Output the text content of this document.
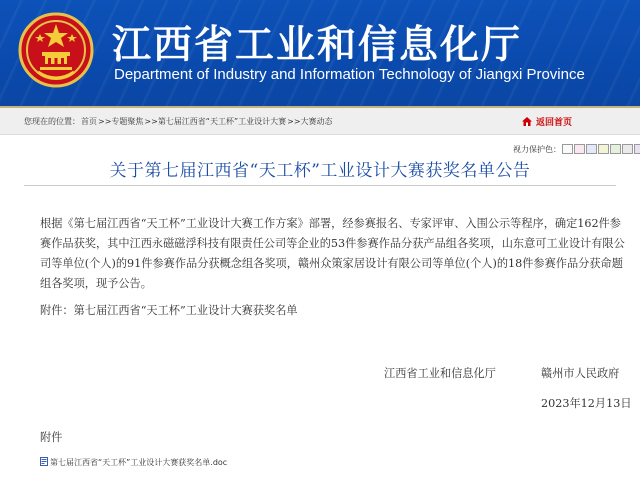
江西省工业和信息化厅
Department of Industry and Information Technology of Jiangxi Province
您现在的位置：首页>>专题聚焦>>第七届江西省“天工杯”工业设计大赛>>大赛动态	返回首页
视力保护色：
关于第七届江西省“天工杯”工业设计大赛获奖名单公告
根据《第七届江西省“天工杯”工业设计大赛工作方案》部署，经参赛报名、专家评审、入围公示等程序，确定162件参赛作品获奖，其中江西永磁磁浮科技有限责任公司等企业的53件参赛作品分获产品组各奖项，山东意可工业设计有限公司等单位(个人)的91件参赛作品分获概念组各奖项，赣州众策家居设计有限公司等单位(个人)的18件参赛作品分获命题组各奖项，现予公告。
附件：第七届江西省“天工杯”工业设计大赛获奖名单
江西省工业和信息化厅	赣州市人民政府
2023年12月13日
附件
第七届江西省“天工杯”工业设计大赛获奖名单.doc
